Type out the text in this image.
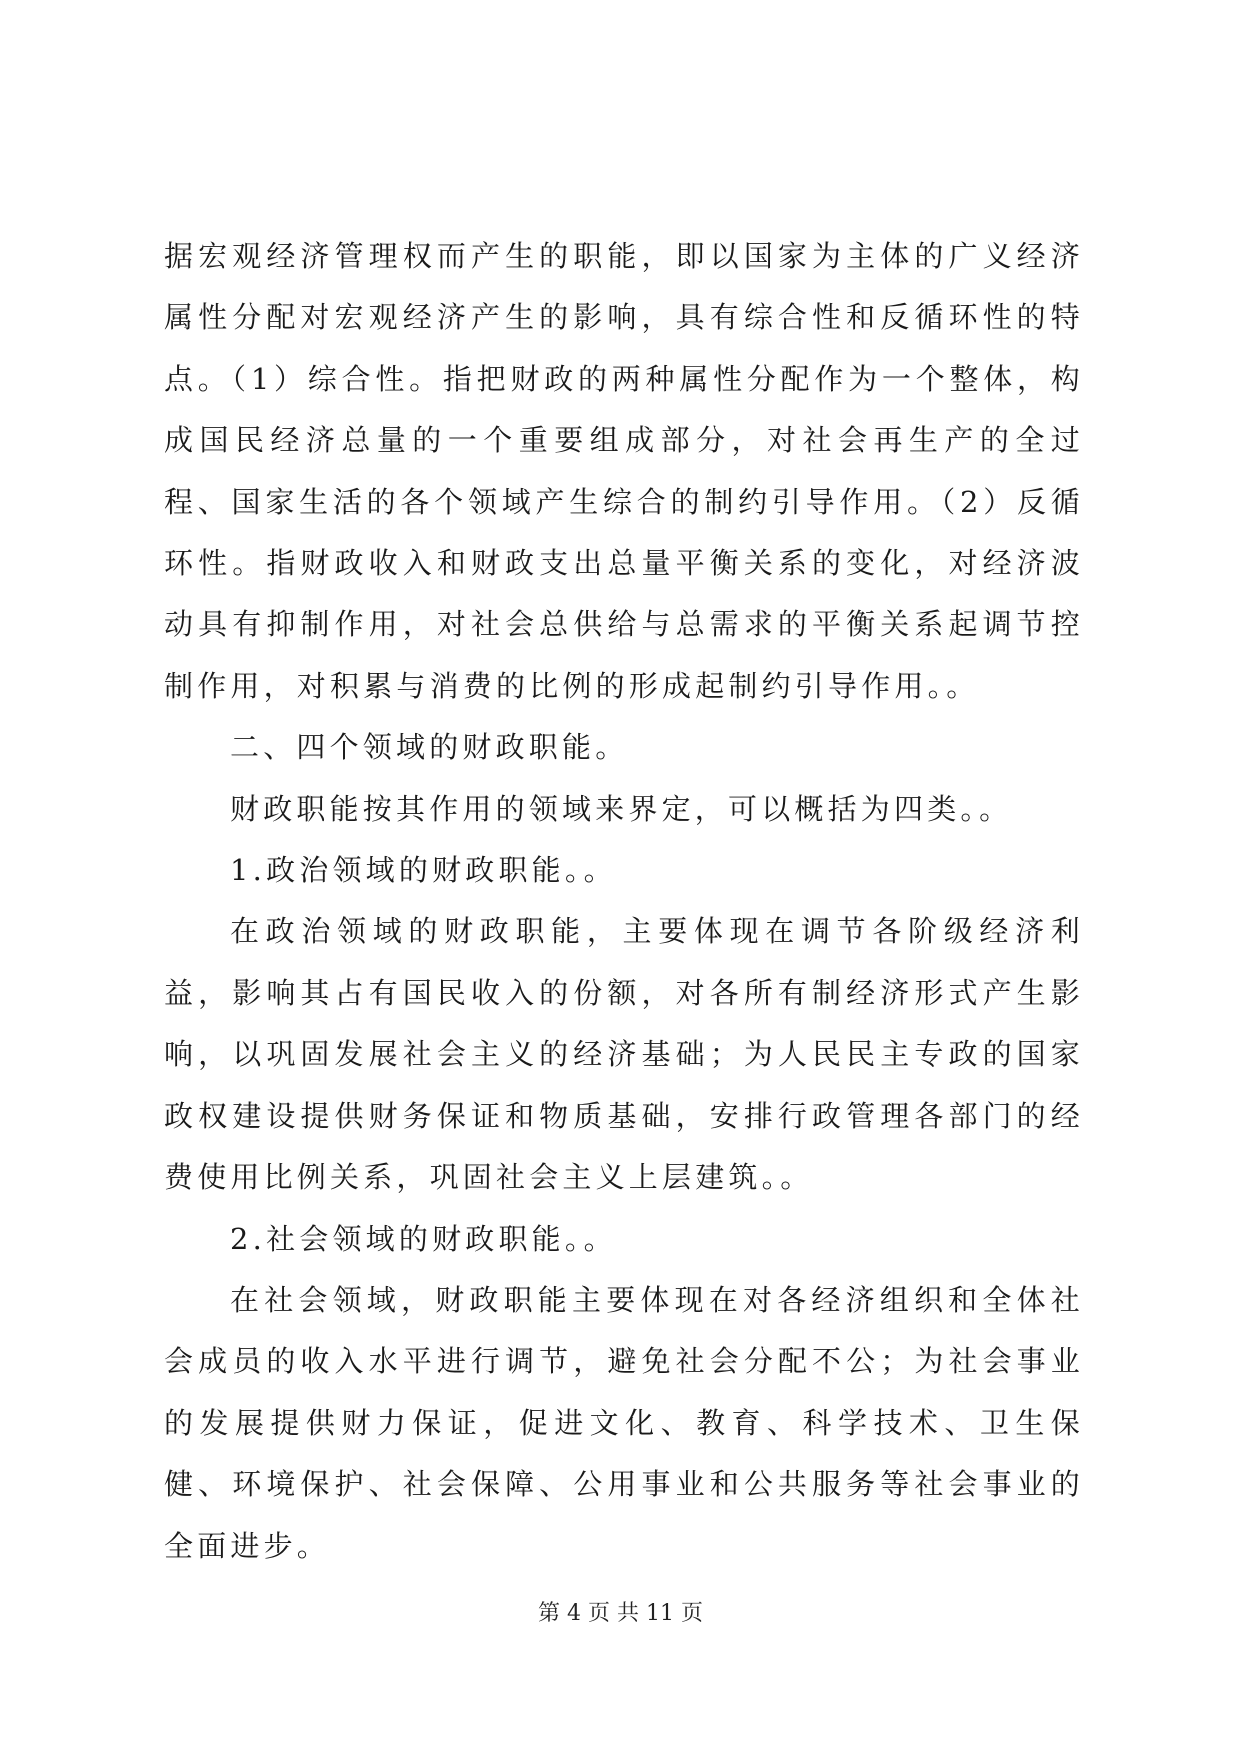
据宏观经济管理权而产生的职能，即以国家为主体的广义经济属性分配对宏观经济产生的影响，具有综合性和反循环性的特点。（1）综合性。指把财政的两种属性分配作为一个整体，构成国民经济总量的一个重要组成部分，对社会再生产的全过程、国家生活的各个领域产生综合的制约引导作用。（2）反循环性。指财政收入和财政支出总量平衡关系的变化，对经济波动具有抑制作用，对社会总供给与总需求的平衡关系起调节控制作用，对积累与消费的比例的形成起制约引导作用。。

二、四个领域的财政职能。

财政职能按其作用的领域来界定，可以概括为四类。。

1.政治领域的财政职能。。

在政治领域的财政职能，主要体现在调节各阶级经济利益，影响其占有国民收入的份额，对各所有制经济形式产生影响，以巩固发展社会主义的经济基础；为人民民主专政的国家政权建设提供财务保证和物质基础，安排行政管理各部门的经费使用比例关系，巩固社会主义上层建筑。。

2.社会领域的财政职能。。

在社会领域，财政职能主要体现在对各经济组织和全体社会成员的收入水平进行调节，避免社会分配不公；为社会事业的发展提供财力保证，促进文化、教育、科学技术、卫生保健、环境保护、社会保障、公用事业和公共服务等社会事业的全面进步。

第 4 页 共 11 页
